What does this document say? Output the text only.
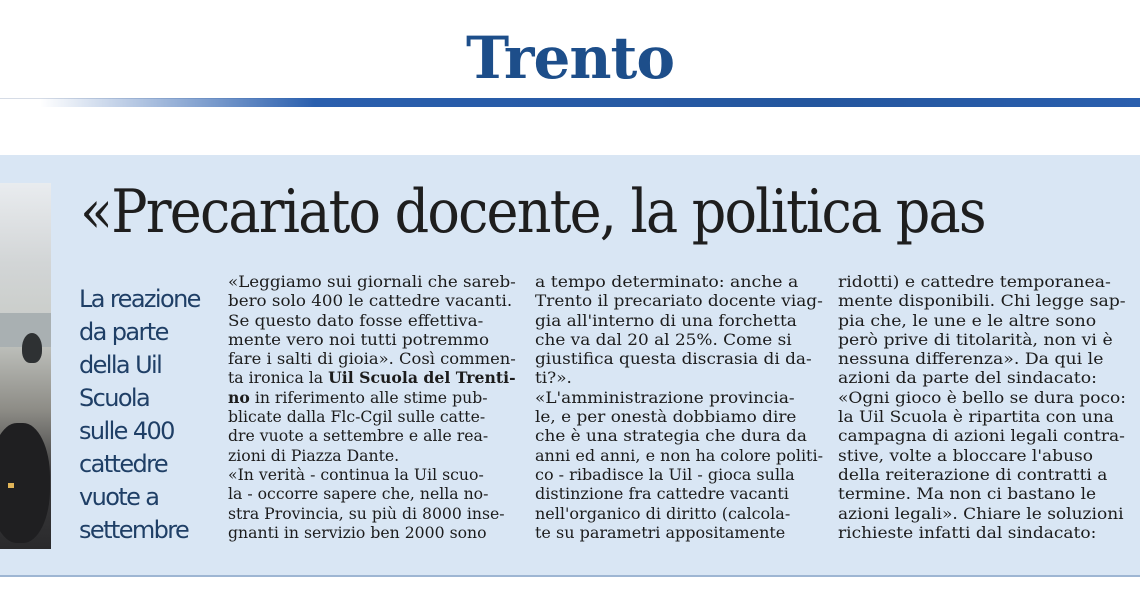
Trento
«Precariato docente, la politica pas
La reazione
da parte
della Uil
Scuola
sulle 400
cattedre
vuote a
settembre
«Leggiamo sui giornali che sareb-
bero solo 400 le cattedre vacanti.
Se questo dato fosse effettiva-
mente vero noi tutti potremmo
fare i salti di gioia». Così commen-
ta ironica la Uil Scuola del Trenti-
no in riferimento alle stime pub-
blicate dalla Flc-Cgil sulle catte-
dre vuote a settembre e alle rea-
zioni di Piazza Dante.
«In verità - continua la Uil scuo-
la - occorre sapere che, nella no-
stra Provincia, su più di 8000 inse-
gnanti in servizio ben 2000 sono
a tempo determinato: anche a
Trento il precariato docente viag-
gia all'interno di una forchetta
che va dal 20 al 25%. Come si
giustifica questa discrasia di da-
ti?».
«L'amministrazione provincia-
le, e per onestà dobbiamo dire
che è una strategia che dura da
anni ed anni, e non ha colore politi-
co - ribadisce la Uil - gioca sulla
distinzione fra cattedre vacanti
nell'organico di diritto (calcola-
te su parametri appositamente
ridotti) e cattedre temporanea-
mente disponibili. Chi legge sap-
pia che, le une e le altre sono
però prive di titolarità, non vi è
nessuna differenza». Da qui le
azioni da parte del sindacato:
«Ogni gioco è bello se dura poco:
la Uil Scuola è ripartita con una
campagna di azioni legali contra-
stive, volte a bloccare l'abuso
della reiterazione di contratti a
termine. Ma non ci bastano le
azioni legali». Chiare le soluzioni
richieste infatti dal sindacato:
